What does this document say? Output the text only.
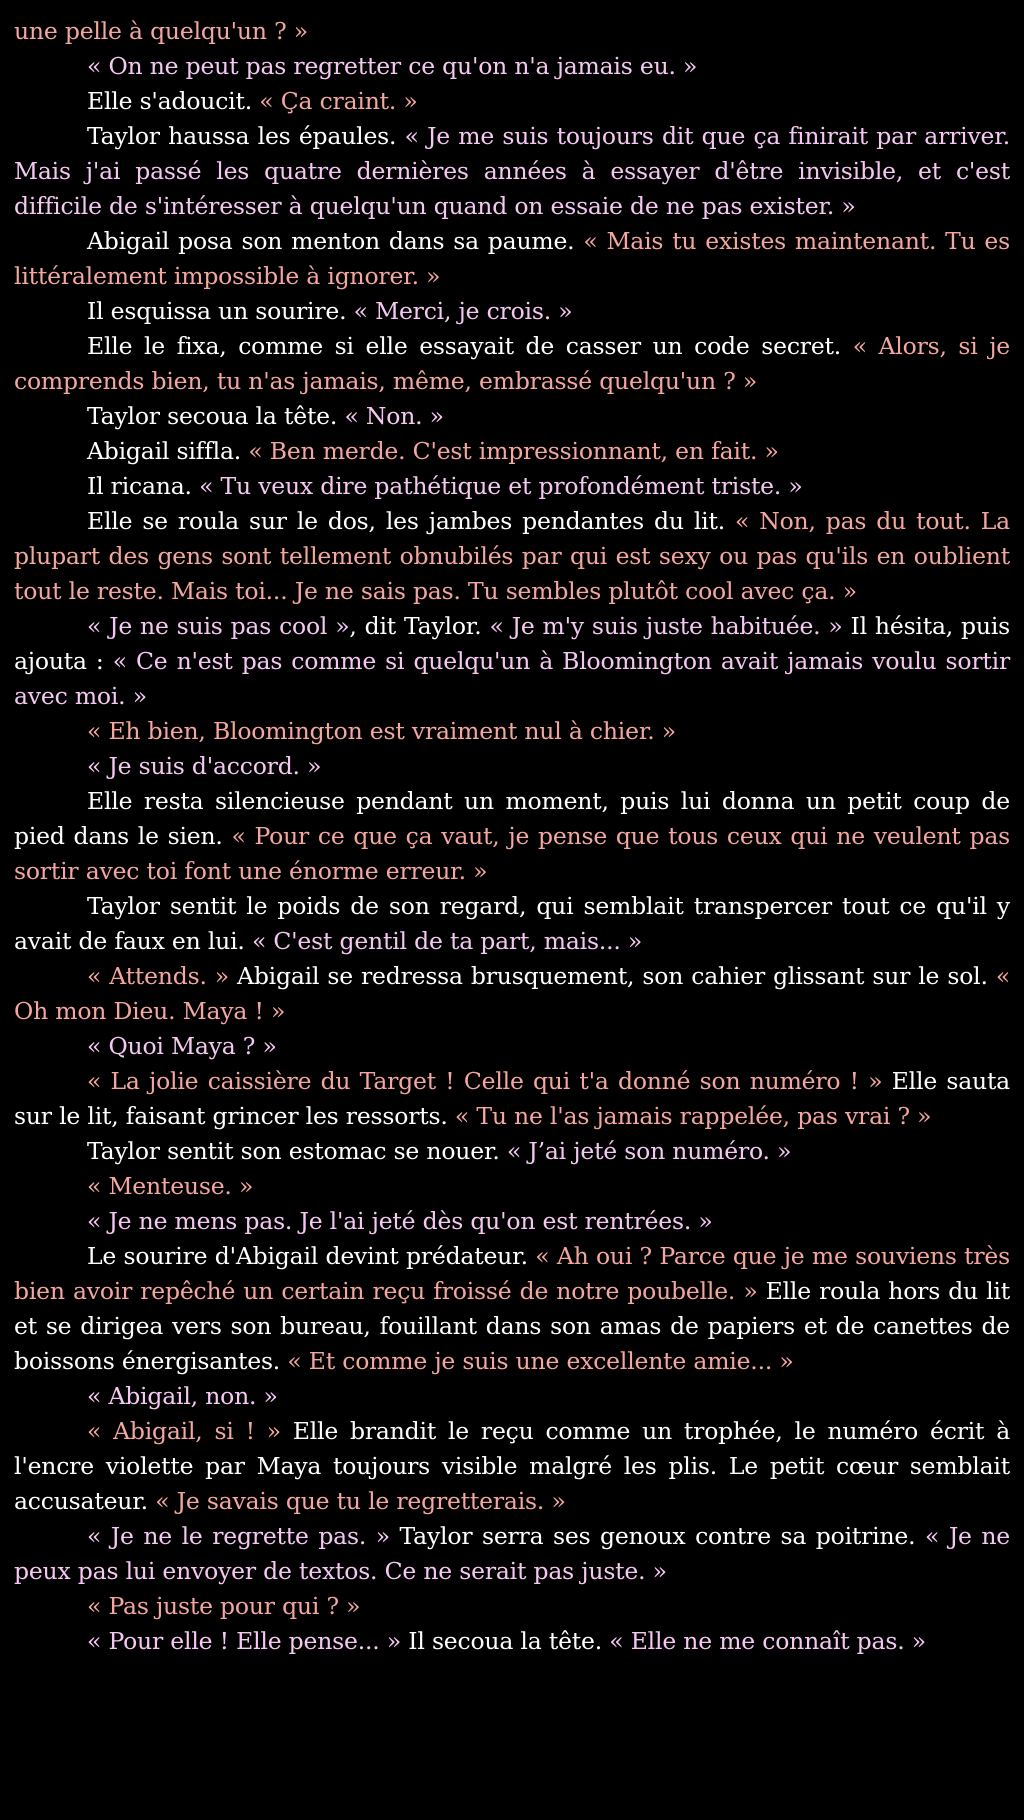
une pelle à quelqu'un ? »

« On ne peut pas regretter ce qu'on n'a jamais eu. »

Elle s'adoucit. « Ça craint. »

Taylor haussa les épaules. « Je me suis toujours dit que ça finirait par arriver. Mais j'ai passé les quatre dernières années à essayer d'être invisible, et c'est difficile de s'intéresser à quelqu'un quand on essaie de ne pas exister. »

Abigail posa son menton dans sa paume. « Mais tu existes maintenant. Tu es littéralement impossible à ignorer. »

Il esquissa un sourire. « Merci, je crois. »

Elle le fixa, comme si elle essayait de casser un code secret. « Alors, si je comprends bien, tu n'as jamais, même, embrassé quelqu'un ? »

Taylor secoua la tête. « Non. »

Abigail siffla. « Ben merde. C'est impressionnant, en fait. »

Il ricana. « Tu veux dire pathétique et profondément triste. »

Elle se roula sur le dos, les jambes pendantes du lit. « Non, pas du tout. La plupart des gens sont tellement obnubilés par qui est sexy ou pas qu'ils en oublient tout le reste. Mais toi... Je ne sais pas. Tu sembles plutôt cool avec ça. »

« Je ne suis pas cool », dit Taylor. « Je m'y suis juste habituée. » Il hésita, puis ajouta : « Ce n'est pas comme si quelqu'un à Bloomington avait jamais voulu sortir avec moi. »

« Eh bien, Bloomington est vraiment nul à chier. »

« Je suis d'accord. »

Elle resta silencieuse pendant un moment, puis lui donna un petit coup de pied dans le sien. « Pour ce que ça vaut, je pense que tous ceux qui ne veulent pas sortir avec toi font une énorme erreur. »

Taylor sentit le poids de son regard, qui semblait transpercer tout ce qu'il y avait de faux en lui. « C'est gentil de ta part, mais... »

« Attends. » Abigail se redressa brusquement, son cahier glissant sur le sol. « Oh mon Dieu. Maya ! »

« Quoi Maya ? »

« La jolie caissière du Target ! Celle qui t'a donné son numéro ! » Elle sauta sur le lit, faisant grincer les ressorts. « Tu ne l'as jamais rappelée, pas vrai ? »

Taylor sentit son estomac se nouer. « J’ai jeté son numéro. »

« Menteuse. »

« Je ne mens pas. Je l'ai jeté dès qu'on est rentrées. »

Le sourire d'Abigail devint prédateur. « Ah oui ? Parce que je me souviens très bien avoir repêché un certain reçu froissé de notre poubelle. » Elle roula hors du lit et se dirigea vers son bureau, fouillant dans son amas de papiers et de canettes de boissons énergisantes. « Et comme je suis une excellente amie... »

« Abigail, non. »

« Abigail, si ! » Elle brandit le reçu comme un trophée, le numéro écrit à l'encre violette par Maya toujours visible malgré les plis. Le petit cœur semblait accusateur. « Je savais que tu le regretterais. »

« Je ne le regrette pas. » Taylor serra ses genoux contre sa poitrine. « Je ne peux pas lui envoyer de textos. Ce ne serait pas juste. »

« Pas juste pour qui ? »

« Pour elle ! Elle pense... » Il secoua la tête. « Elle ne me connaît pas. »
